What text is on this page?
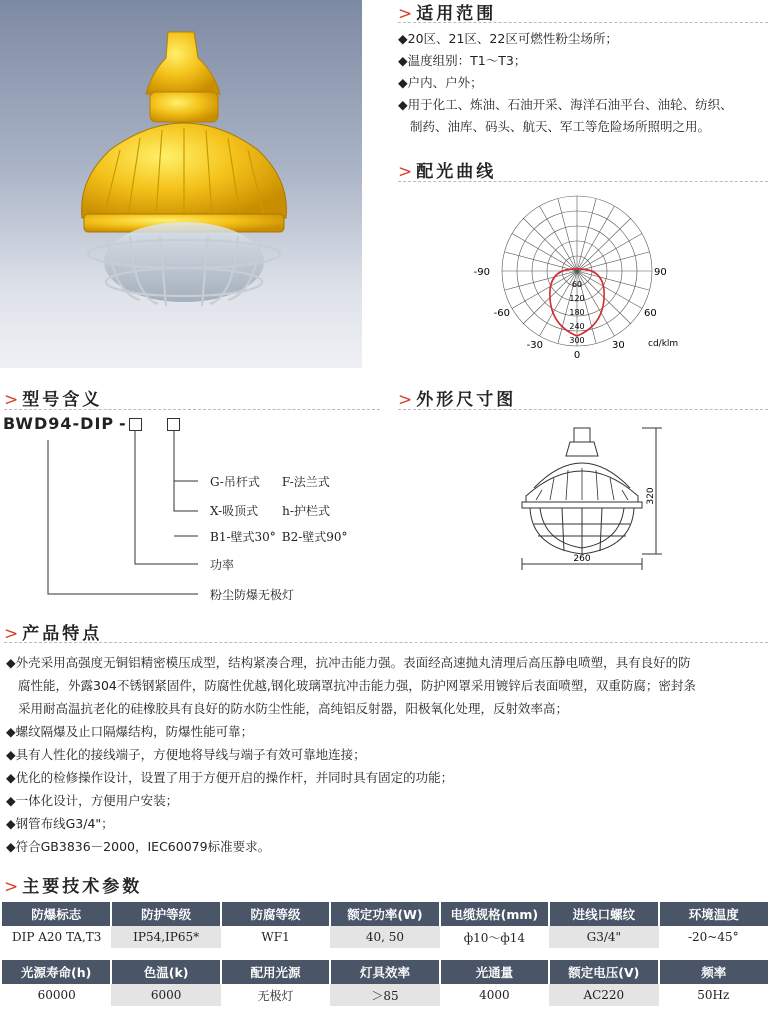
> 适用范围
◆20区、21区、22区可燃性粉尘场所；
◆温度组别：T1～T3；
◆户内、户外；
◆用于化工、炼油、石油开采、海洋石油平台、油轮、纺织、
制药、油库、码头、航天、军工等危险场所照明之用。
> 配光曲线
-90	90
-60	60
-30	30
0
60
120
180
240
300	cd/klm
> 型号含义
BWD94-DIP -
G-吊杆式 F-法兰式
X-吸顶式 h-护栏式
B1-壁式30° B2-壁式90°
功率
粉尘防爆无极灯
> 外形尺寸图
320
260
> 产品特点
◆外壳采用高强度无铜铝精密模压成型，结构紧凑合理，抗冲击能力强。表面经高速抛丸清理后高压静电喷塑，具有良好的防
腐性能，外露304不锈钢紧固件，防腐性优越,钢化玻璃罩抗冲击能力强，防护网罩采用镀锌后表面喷塑，双重防腐；密封条
采用耐高温抗老化的硅橡胶具有良好的防水防尘性能，高纯铝反射器，阳极氧化处理，反射效率高；
◆螺纹隔爆及止口隔爆结构，防爆性能可靠；
◆具有人性化的接线端子，方便地将导线与端子有效可靠地连接；
◆优化的检修操作设计，设置了用于方便开启的操作杆，并同时具有固定的功能；
◆一体化设计，方便用户安装；
◆钢管布线G3/4"；
◆符合GB3836－2000，IEC60079标准要求。
> 主要技术参数
防爆标志	防护等级	防腐等级	额定功率(W)	电缆规格(mm)	进线口螺纹	环境温度
DIP A20 TA,T3	IP54,IP65*	WF1	40, 50	ф10～ф14	G3/4"	-20~45°
光源寿命(h)	色温(k)	配用光源	灯具效率	光通量	额定电压(V)	频率
60000	6000	无极灯	＞85	4000	AC220	50Hz
